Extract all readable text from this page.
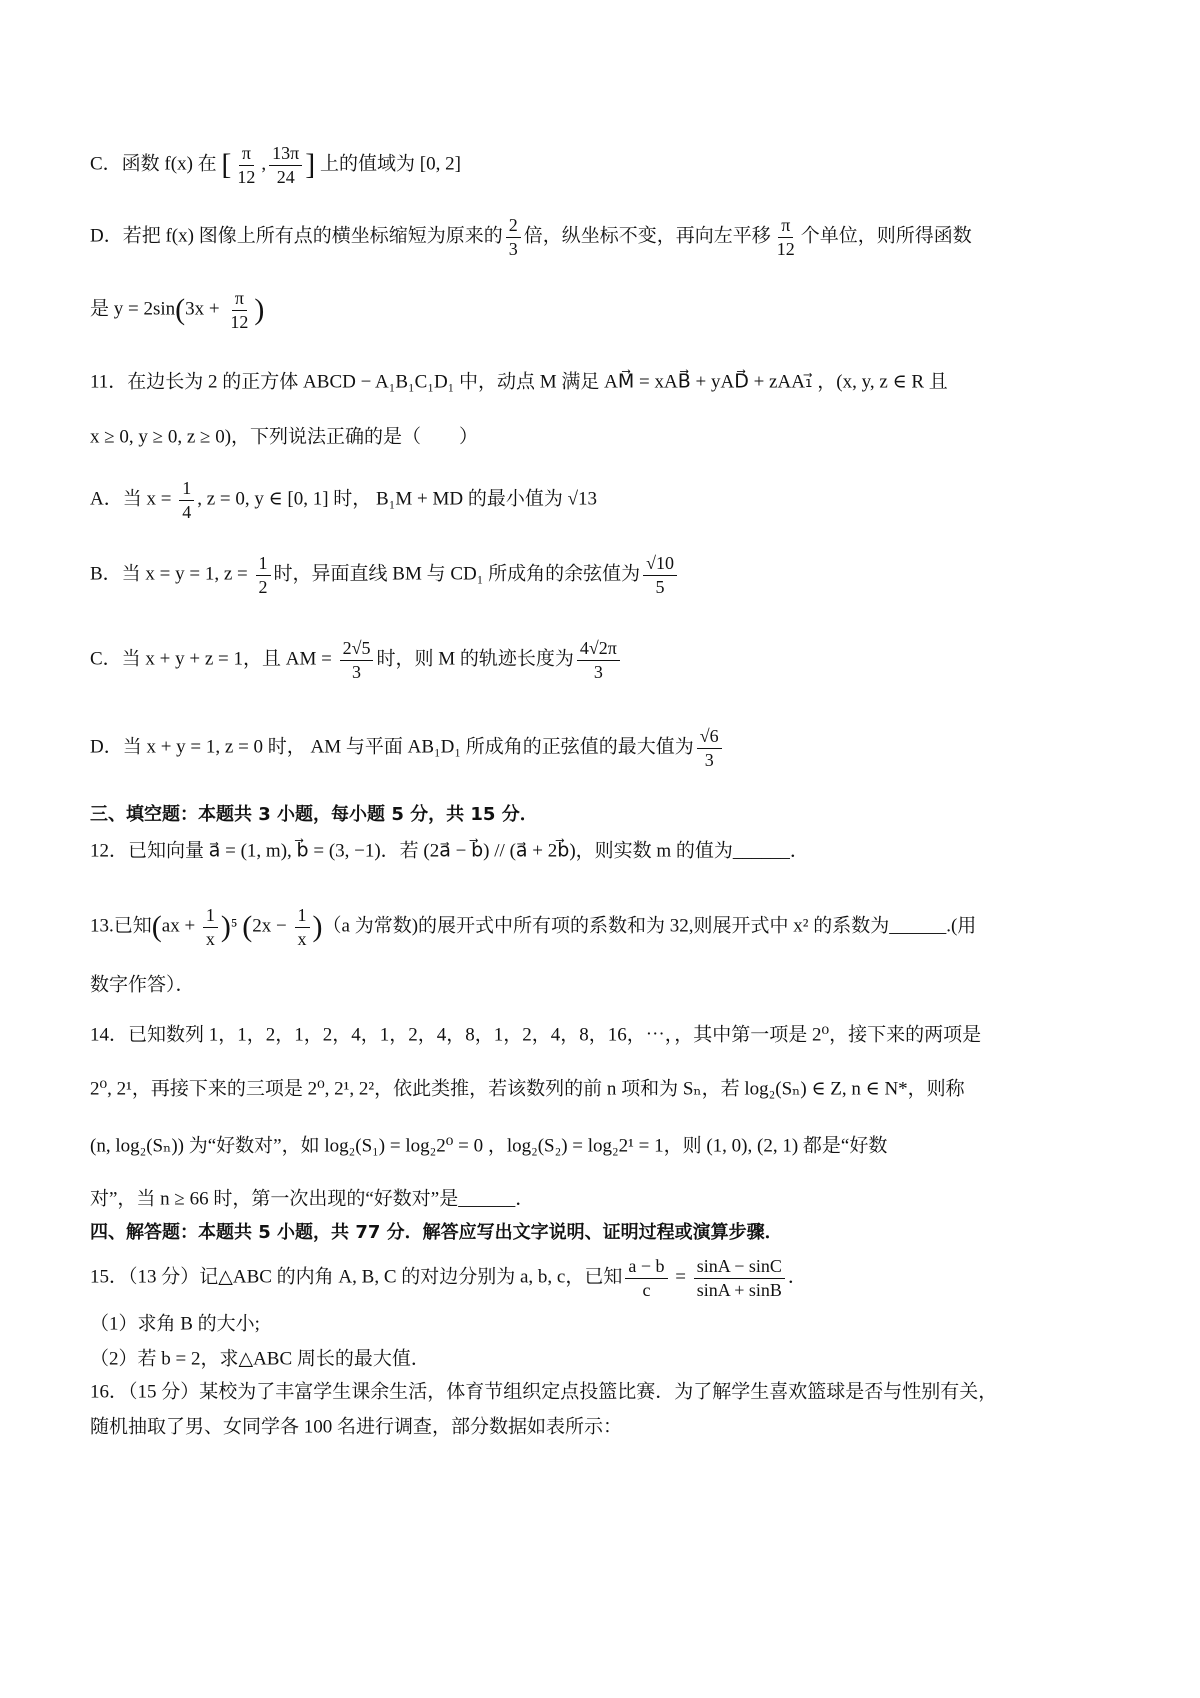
C．函数 f(x) 在 [ $\frac{\pi}{12}$ , $\frac{13\pi}{24}$ ] 上的值域为 [0, 2]
D．若把 f(x) 图像上所有点的横坐标缩短为原来的 $\frac{2}{3}$ 倍，纵坐标不变，再向左平移 $\frac{\pi}{12}$ 个单位，则所得函数
是 $y = 2\sin(3x + \frac{\pi}{12}$ )
11．在边长为 2 的正方体 ABCD − A₁B₁C₁D₁ 中，动点 M 满足 AM⃗ = xAB⃗ + yAD⃗ + zAA₁⃗ ，(x, y, z ∈ R 且
x ≥ 0, y ≥ 0, z ≥ 0)，下列说法正确的是（　　）
A．当 $x = \frac{1}{4}$ , z = 0, y ∈ [0, 1] 时， B₁M + MD 的最小值为 √13
B．当 x = y = 1, $z = \frac{1}{2}$ 时，异面直线 BM 与 CD₁ 所成角的余弦值为 $\frac{√10}{5}$
C．当 x + y + z = 1，且 AM = $\frac{2√5}{3}$ 时，则 M 的轨迹长度为 $\frac{4√2\pi}{3}$
D．当 x + y = 1, z = 0 时， AM 与平面 AB₁D₁ 所成角的正弦值的最大值为 $\frac{√6}{3}$
三、填空题：本题共 3 小题，每小题 5 分，共 15 分．
12．已知向量 a⃗ = (1, m), b⃗ = (3, −1)．若 (2a⃗ − b⃗) // (a⃗ + 2b⃗)，则实数 m 的值为______．
13.已知$(ax + \frac{1}{x} )^5$ $(2x - \frac{1}{x} )(a$ 为常数)的展开式中所有项的系数和为 32,则展开式中 x² 的系数为______.(用
数字作答）．
14．已知数列 1，1，2，1，2，4，1，2，4，8，1，2，4，8，16，⋯，，其中第一项是 2⁰，接下来的两项是
2⁰, 2¹，再接下来的三项是 2⁰, 2¹, 2²，依此类推，若该数列的前 n 项和为 Sₙ，若 log₂(Sₙ) ∈ Z, n ∈ N*，则称
(n, log₂(Sₙ)) 为“好数对”，如 log₂(S₁) = log₂2⁰ = 0 ，log₂(S₂) = log₂2¹ = 1，则 (1, 0), (2, 1) 都是“好数
对”，当 n ≥ 66 时，第一次出现的“好数对”是______．
四、解答题：本题共 5 小题，共 77 分．解答应写出文字说明、证明过程或演算步骤．
15．（13 分）记△ABC 的内角 A, B, C 的对边分别为 a, b, c，已知 $\frac{a - b}{c} = \frac{\sin A - \sin C}{\sin A + \sin B}$ ．
（1）求角 B 的大小;
（2）若 b = 2，求△ABC 周长的最大值．
16．（15 分）某校为了丰富学生课余生活，体育节组织定点投篮比赛．为了解学生喜欢篮球是否与性别有关，
随机抽取了男、女同学各 100 名进行调查，部分数据如表所示：
